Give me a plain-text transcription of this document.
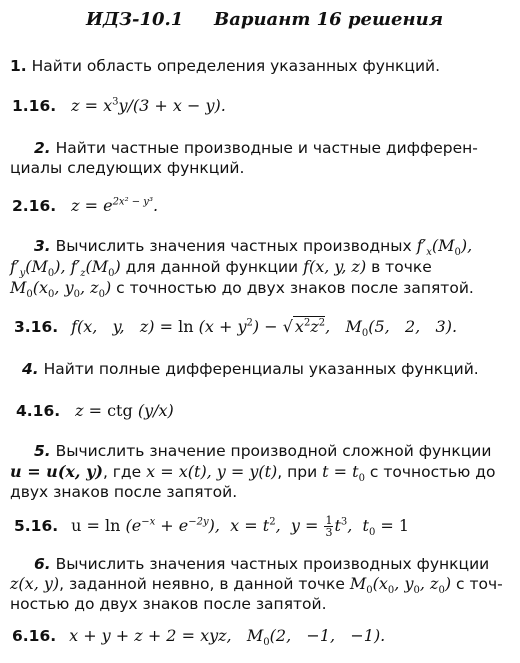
ИДЗ-10.1 Вариант 16 решения
1. Найти область определения указанных функций.
1.16. $z = x^3y/(3 + x - y)$.
2. Найти частные производные и частные дифферен-
циалы следующих функций.
2.16. $z = e^{2x^2 - y^3}$.
3. Вычислить значения частных производных $f'_x(M_0)$,
$f'_y(M_0)$, $f'_z(M_0)$ для данной функции f(x, y, z) в точке
$M_0(x_0$, $y_0$, $z_0$) с точностью до двух знаков после запятой.
3.16. f(x,   y,   $z) = \ln (x + y^2)$ − √ $x^2z^2$,   $M_0(5$,   2,   3).
4. Найти полные дифференциалы указанных функций.
4.16. z = ctg (y/x)
5. Вычислить значение производной сложной функции
u = u(x, y), где x = x(t), y = y(t), при $t = t_0$ с точностью до
двух знаков после запятой.
5.16. $u = \ln (e^{-x} + e^{-2y})$,  $x = t^2$,  $y = \frac{1}{3} t^3$,  $t_0 = 1$
6. Вычислить значения частных производных функции
z(x, y), заданной неявно, в данной точке $M_0(x_0$, $y_0$, $z_0$) с точ-
ностью до двух знаков после запятой.
6.16. x + y + z + 2 = xyz,   $M_0(2$,   −1,   −1).
